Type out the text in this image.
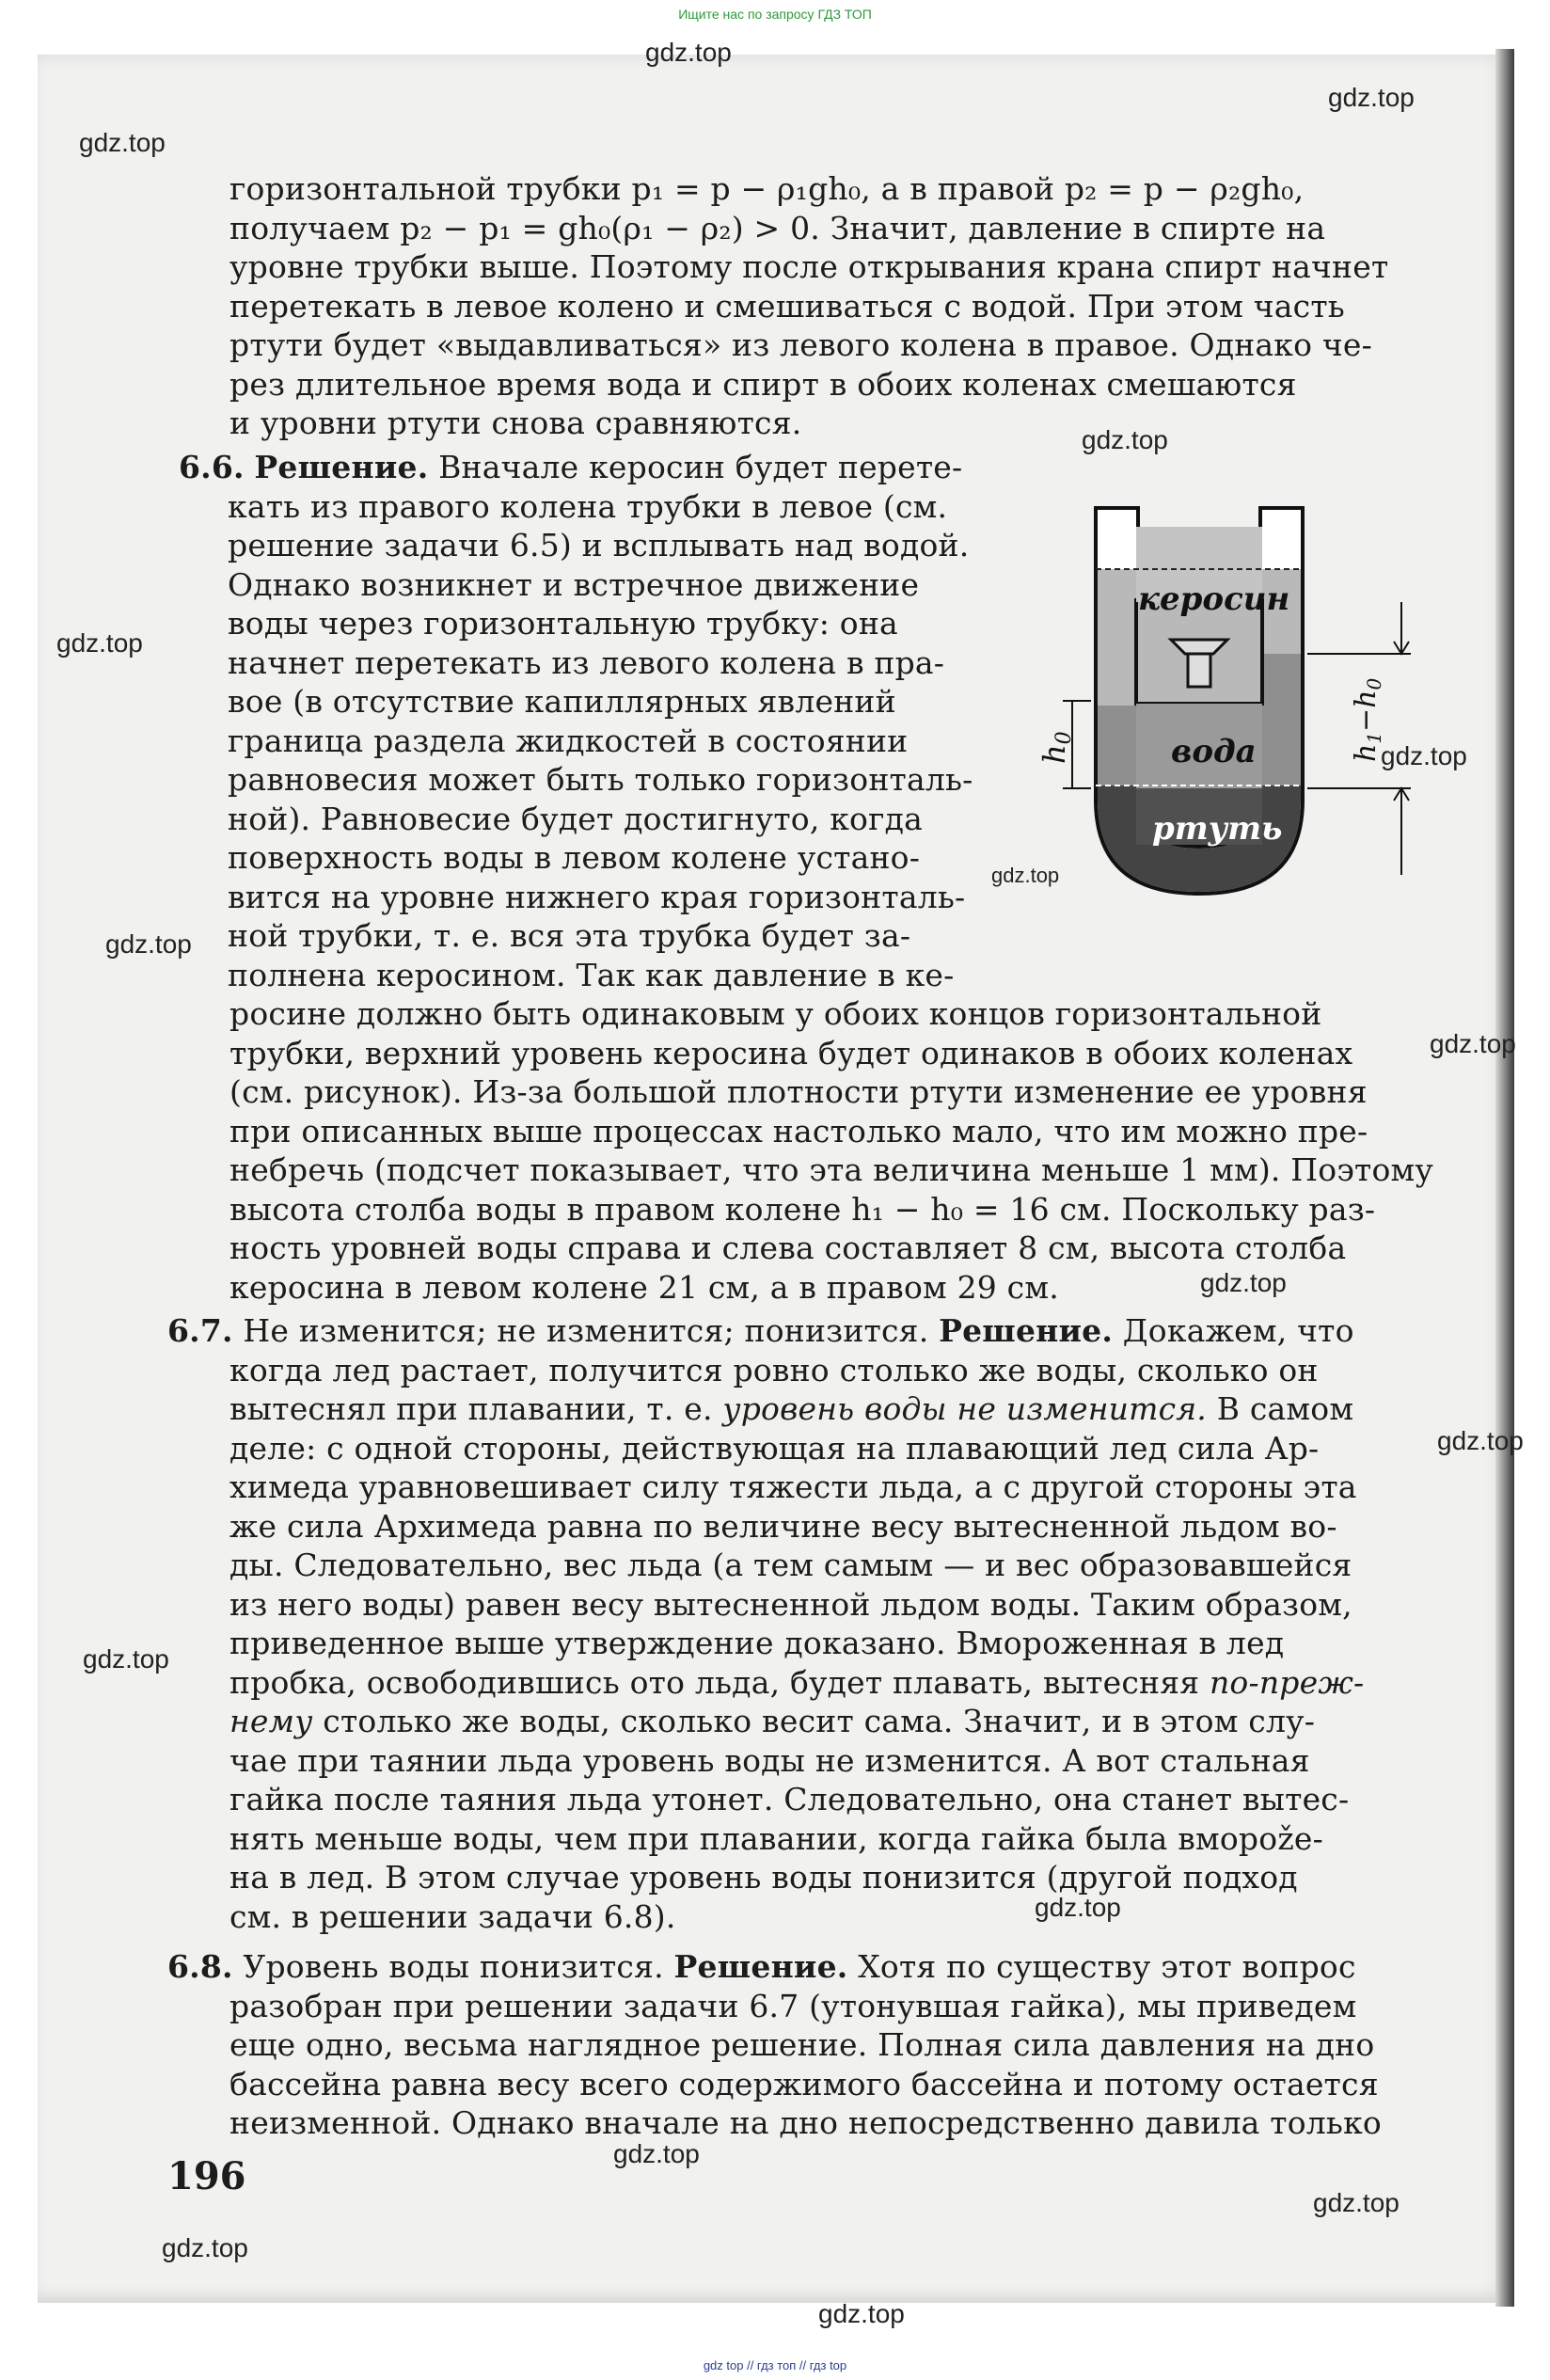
Ищите нас по запросу ГДЗ ТОП
gdz.top
gdz.top
gdz.top
gdz.top
gdz.top
gdz.top
gdz.top
gdz.top
gdz.top
gdz.top
gdz.top
gdz.top
gdz.top
gdz.top
gdz.top
gdz.top
gdz.top
горизонтальной трубки p₁ = p − ρ₁gh₀, а в правой p₂ = p − ρ₂gh₀,
получаем p₂ − p₁ = gh₀(ρ₁ − ρ₂) > 0. Значит, давление в спирте на
уровне трубки выше. Поэтому после открывания крана спирт начнет
перетекать в левое колено и смешиваться с водой. При этом часть
ртути будет «выдавливаться» из левого колена в правое. Однако че-
рез длительное время вода и спирт в обоих коленах смешаются
и уровни ртути снова сравняются.
6.6. Решение. Вначале керосин будет перете-
кать из правого колена трубки в левое (см.
решение задачи 6.5) и всплывать над водой.
Однако возникнет и встречное движение
воды через горизонтальную трубку: она
начнет перетекать из левого колена в пра-
вое (в отсутствие капиллярных явлений
граница раздела жидкостей в состоянии
равновесия может быть только горизонталь-
ной). Равновесие будет достигнуто, когда
поверхность воды в левом колене устано-
вится на уровне нижнего края горизонталь-
ной трубки, т. е. вся эта трубка будет за-
полнена керосином. Так как давление в ке-
росине должно быть одинаковым у обоих концов горизонтальной
трубки, верхний уровень керосина будет одинаков в обоих коленах
(см. рисунок). Из-за большой плотности ртути изменение ее уровня
при описанных выше процессах настолько мало, что им можно пре-
небречь (подсчет показывает, что эта величина меньше 1 мм). Поэтому
высота столба воды в правом колене h₁ − h₀ = 16 см. Поскольку раз-
ность уровней воды справа и слева составляет 8 см, высота столба
керосина в левом колене 21 см, а в правом 29 см.
6.7. Не изменится; не изменится; понизится. Решение. Докажем, что
когда лед растает, получится ровно столько же воды, сколько он
вытеснял при плавании, т. е. уровень воды не изменится. В самом
деле: с одной стороны, действующая на плавающий лед сила Ар-
химеда уравновешивает силу тяжести льда, а с другой стороны эта
же сила Архимеда равна по величине весу вытесненной льдом во-
ды. Следовательно, вес льда (а тем самым — и вес образовавшейся
из него воды) равен весу вытесненной льдом воды. Таким образом,
приведенное выше утверждение доказано. Вмороженная в лед
пробка, освободившись ото льда, будет плавать, вытесняя по-преж-
нему столько же воды, сколько весит сама. Значит, и в этом слу-
чае при таянии льда уровень воды не изменится. А вот стальная
гайка после таяния льда утонет. Следовательно, она станет вытес-
нять меньше воды, чем при плавании, когда гайка была вморože-
на в лед. В этом случае уровень воды понизится (другой подход
см. в решении задачи 6.8).
6.8. Уровень воды понизится. Решение. Хотя по существу этот вопрос
разобран при решении задачи 6.7 (утонувшая гайка), мы приведем
еще одно, весьма наглядное решение. Полная сила давления на дно
бассейна равна весу всего содержимого бассейна и потому остается
неизменной. Однако вначале на дно непосредственно давила только
керосин
вода
ртуть
h0
$h_1-h_0$
196
gdz top // гдз топ // гдз top
